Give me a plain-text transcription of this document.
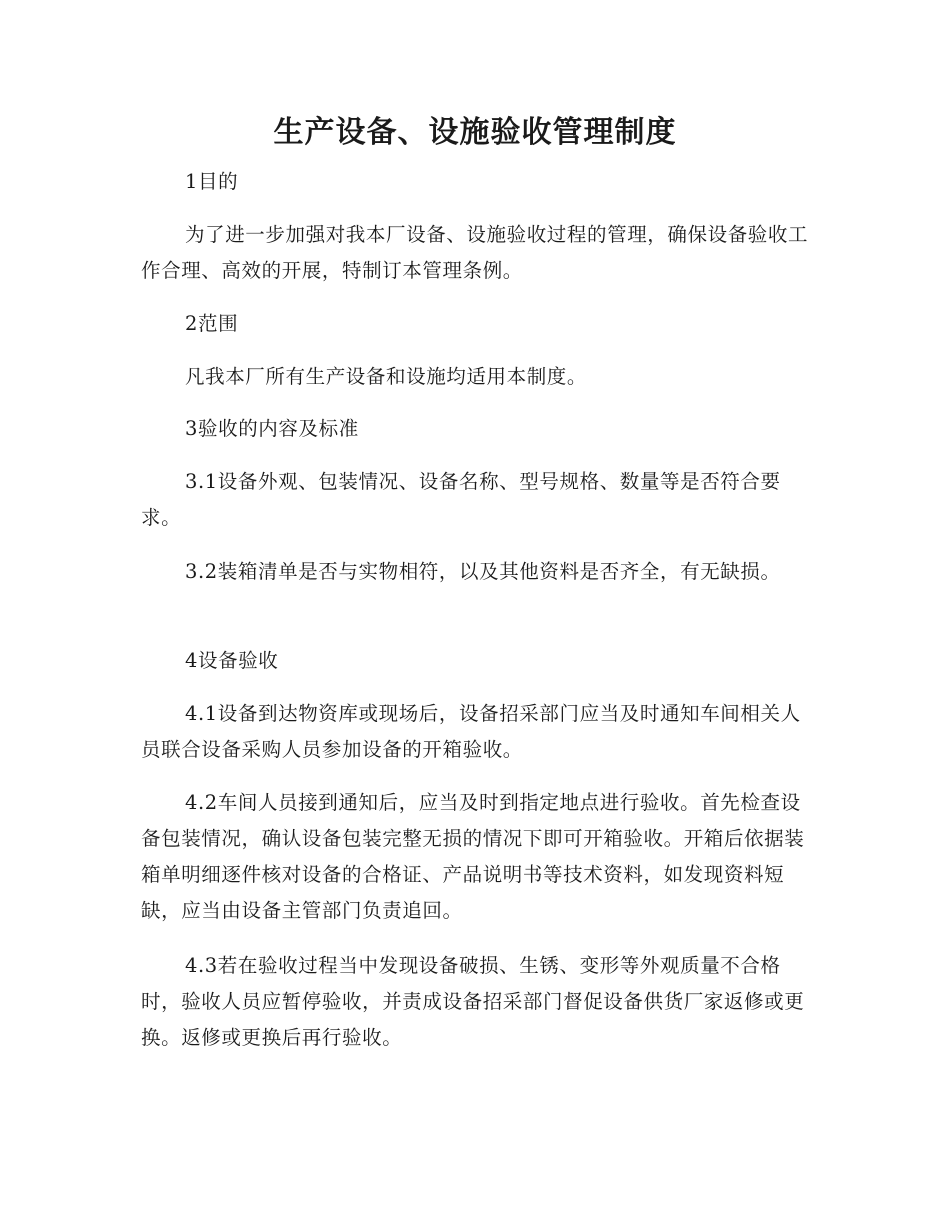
生产设备、设施验收管理制度

1目的

为了进一步加强对我本厂设备、设施验收过程的管理，确保设备验收工作合理、高效的开展，特制订本管理条例。

2范围

凡我本厂所有生产设备和设施均适用本制度。

3验收的内容及标准

3.1设备外观、包装情况、设备名称、型号规格、数量等是否符合要求。

3.2装箱清单是否与实物相符，以及其他资料是否齐全，有无缺损。

4设备验收

4.1设备到达物资库或现场后，设备招采部门应当及时通知车间相关人员联合设备采购人员参加设备的开箱验收。

4.2车间人员接到通知后，应当及时到指定地点进行验收。首先检查设备包装情况，确认设备包装完整无损的情况下即可开箱验收。开箱后依据装箱单明细逐件核对设备的合格证、产品说明书等技术资料，如发现资料短缺，应当由设备主管部门负责追回。

4.3若在验收过程当中发现设备破损、生锈、变形等外观质量不合格时，验收人员应暂停验收，并责成设备招采部门督促设备供货厂家返修或更换。返修或更换后再行验收。
